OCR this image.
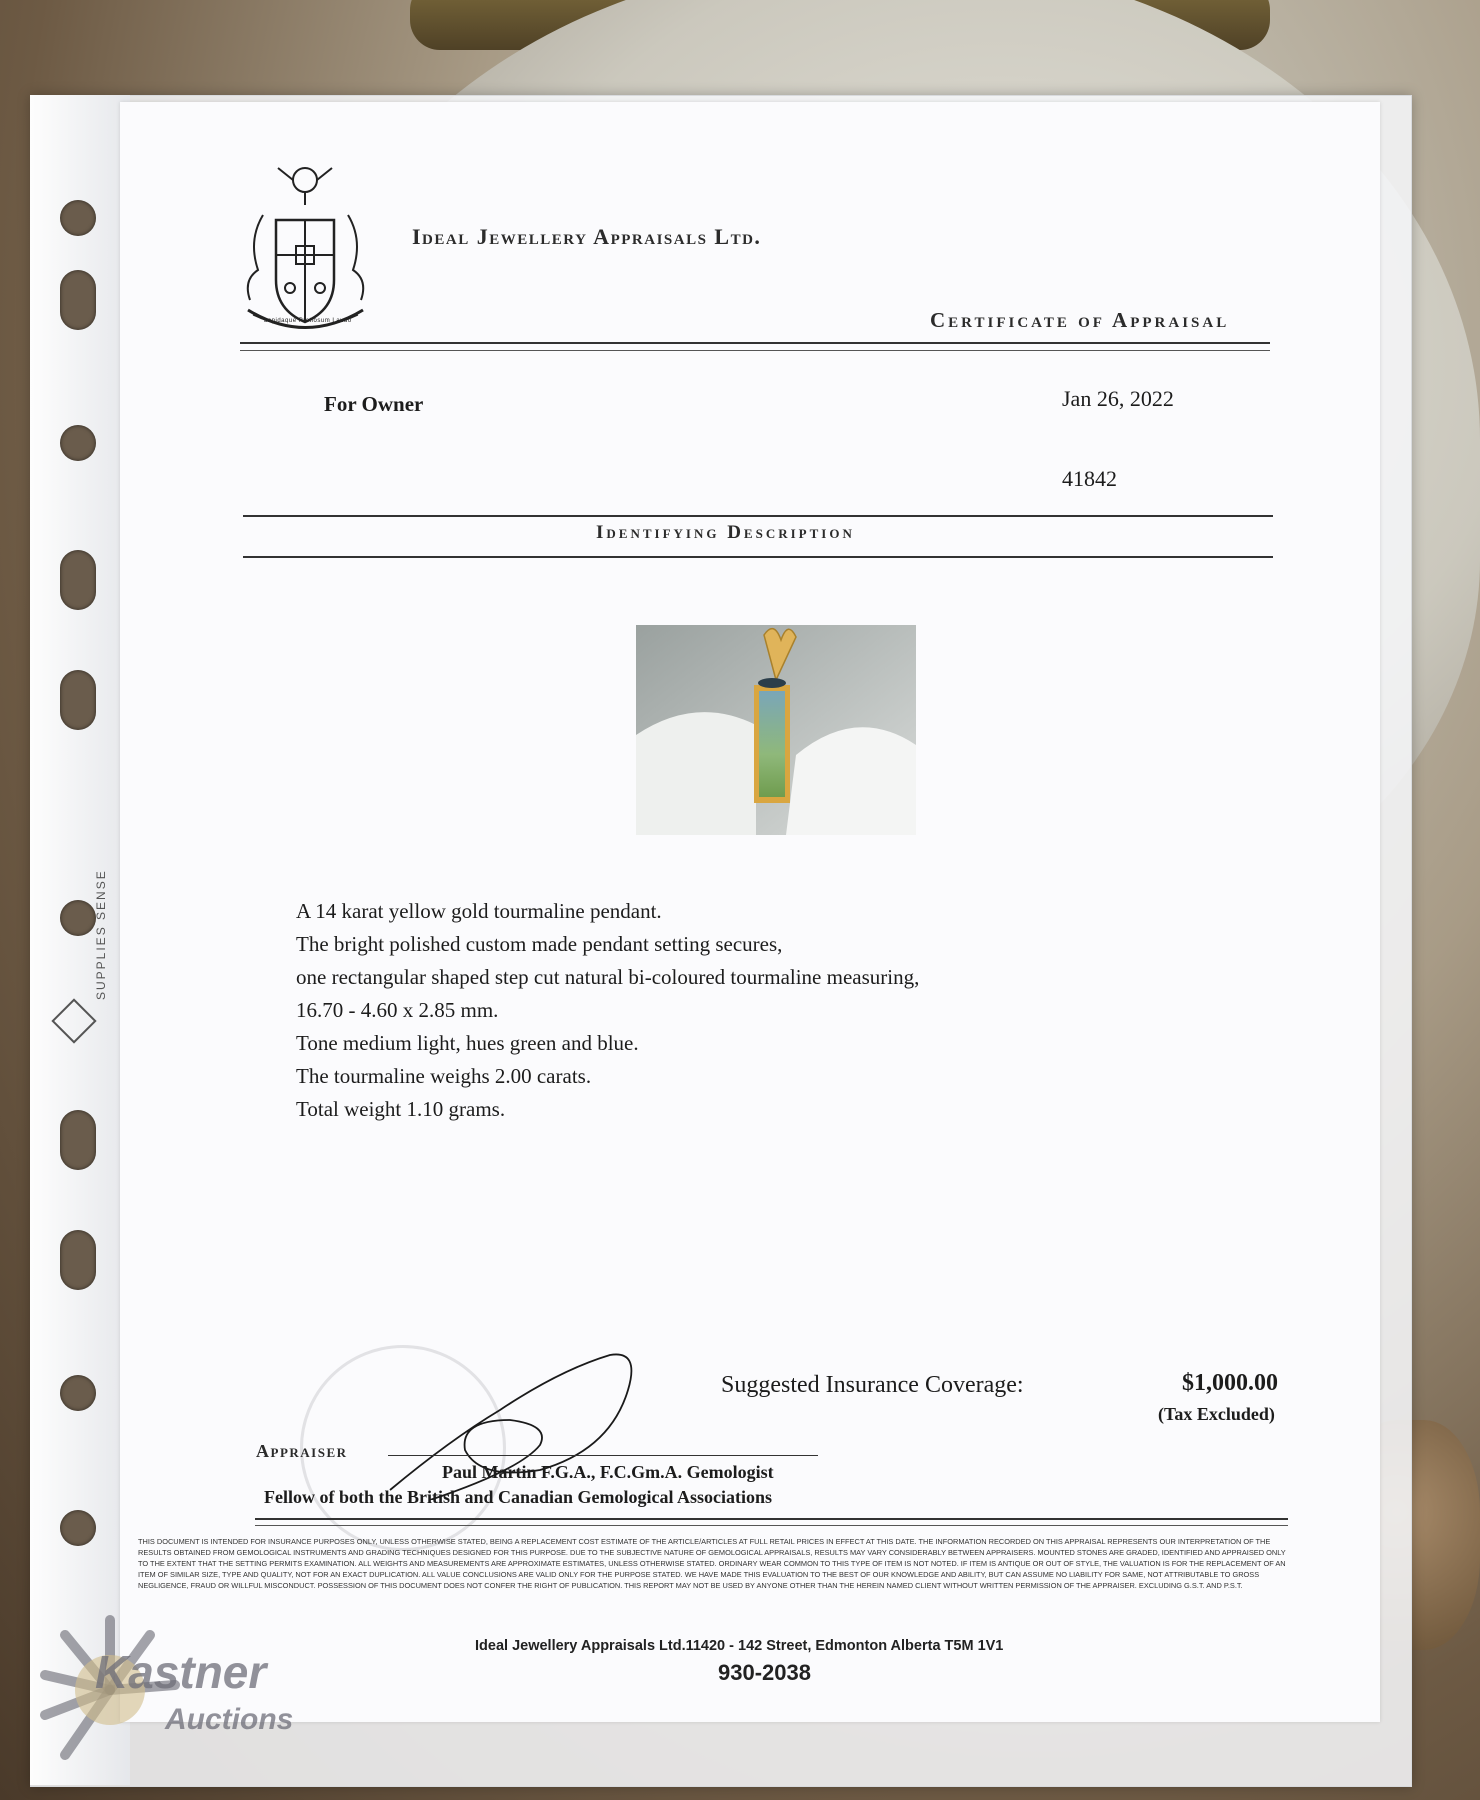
SUPPLIES SENSE
Lapidaque Pretiosum Laudo
Ideal Jewellery Appraisals Ltd.
Certificate of Appraisal
For Owner	Jan 26, 2022
41842
Identifying Description
A 14 karat yellow gold tourmaline pendant.
The bright polished custom made pendant setting secures,
one rectangular shaped step cut natural bi-coloured tourmaline measuring,
16.70 - 4.60 x 2.85 mm.
Tone medium light, hues green and blue.
The tourmaline weighs 2.00 carats.
Total weight 1.10 grams.
Suggested Insurance Coverage:	$1,000.00
(Tax Excluded)
Appraiser
Paul Martin F.G.A., F.C.Gm.A. Gemologist
Fellow of both the British and Canadian Gemological Associations
THIS DOCUMENT IS INTENDED FOR INSURANCE PURPOSES ONLY, UNLESS OTHERWISE STATED, BEING A REPLACEMENT COST ESTIMATE OF THE ARTICLE/ARTICLES AT FULL RETAIL PRICES IN EFFECT AT THIS DATE. THE INFORMATION RECORDED ON THIS APPRAISAL REPRESENTS OUR INTERPRETATION OF THE RESULTS OBTAINED FROM GEMOLOGICAL INSTRUMENTS AND GRADING TECHNIQUES DESIGNED FOR THIS PURPOSE. DUE TO THE SUBJECTIVE NATURE OF GEMOLOGICAL APPRAISALS, RESULTS MAY VARY CONSIDERABLY BETWEEN APPRAISERS. MOUNTED STONES ARE GRADED, IDENTIFIED AND APPRAISED ONLY TO THE EXTENT THAT THE SETTING PERMITS EXAMINATION. ALL WEIGHTS AND MEASUREMENTS ARE APPROXIMATE ESTIMATES, UNLESS OTHERWISE STATED. ORDINARY WEAR COMMON TO THIS TYPE OF ITEM IS NOT NOTED. IF ITEM IS ANTIQUE OR OUT OF STYLE, THE VALUATION IS FOR THE REPLACEMENT OF AN ITEM OF SIMILAR SIZE, TYPE AND QUALITY, NOT FOR AN EXACT DUPLICATION. ALL VALUE CONCLUSIONS ARE VALID ONLY FOR THE PURPOSE STATED. WE HAVE MADE THIS EVALUATION TO THE BEST OF OUR KNOWLEDGE AND ABILITY, BUT CAN ASSUME NO LIABILITY FOR SAME, NOT ATTRIBUTABLE TO GROSS NEGLIGENCE, FRAUD OR WILLFUL MISCONDUCT. POSSESSION OF THIS DOCUMENT DOES NOT CONFER THE RIGHT OF PUBLICATION. THIS REPORT MAY NOT BE USED BY ANYONE OTHER THAN THE HEREIN NAMED CLIENT WITHOUT WRITTEN PERMISSION OF THE APPRAISER. EXCLUDING G.S.T. AND P.S.T.
Ideal Jewellery Appraisals Ltd.11420 - 142 Street, Edmonton Alberta T5M 1V1
930-2038
Kastner
Auctions
